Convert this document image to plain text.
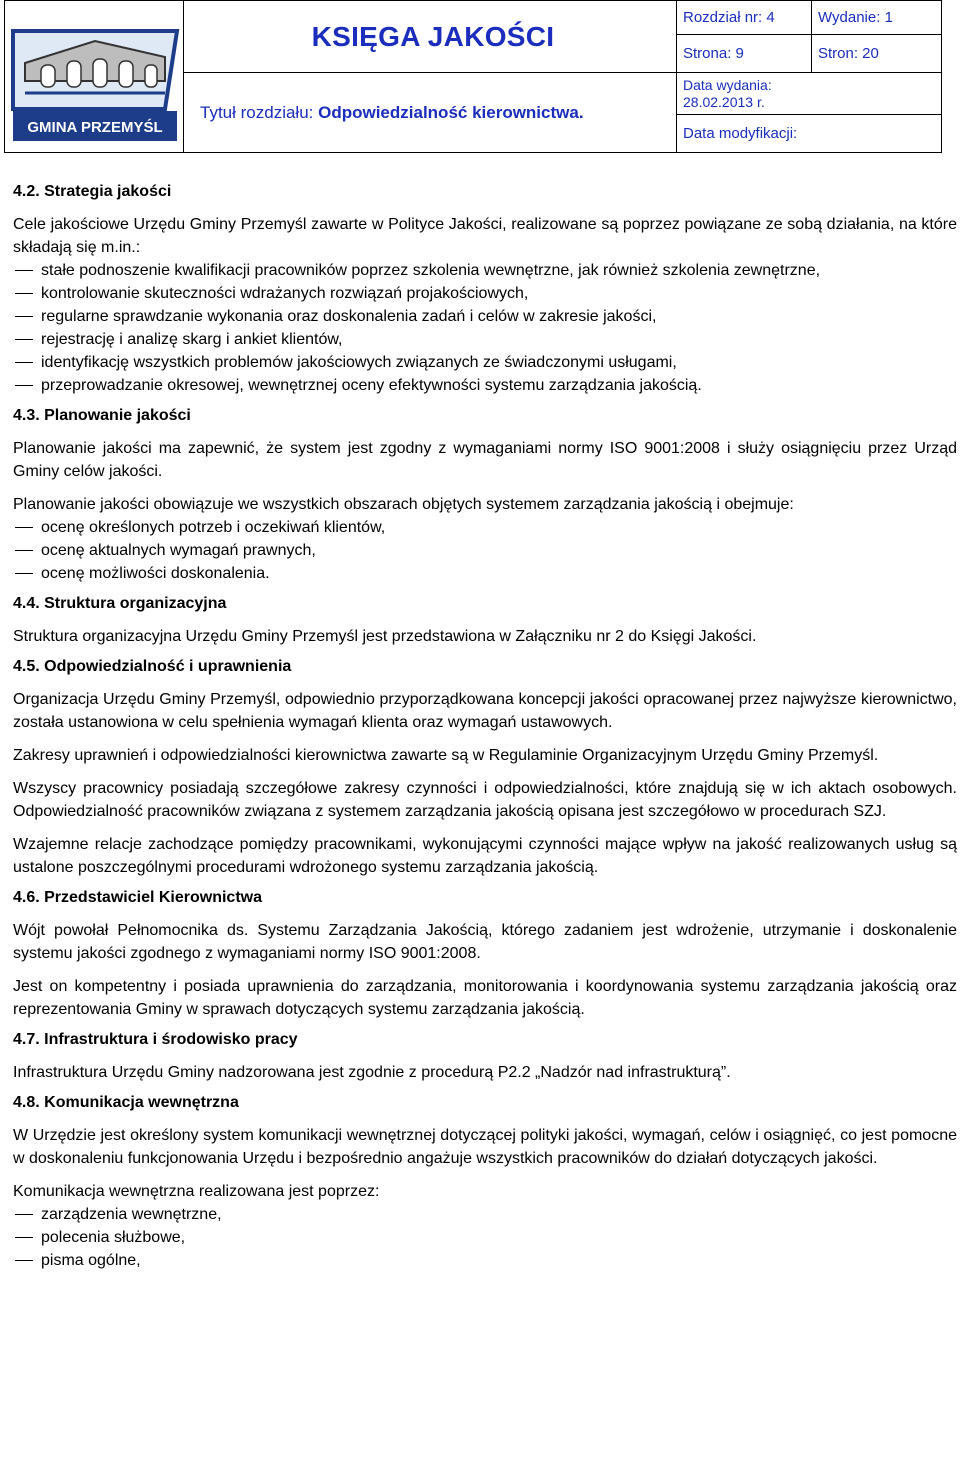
GMINA PRZEMYŚL	KSIĘGA JAKOŚCI	Rozdział nr: 4	Wydanie: 1
		Strona: 9	Stron: 20
	Tytuł rozdziału: Odpowiedzialność kierownictwa.	Data wydania:
28.02.2013 r.	

		Data modyfikacji:	
4.2. Strategia jakości

Cele jakościowe Urzędu Gminy Przemyśl zawarte w Polityce Jakości, realizowane są poprzez powiązane ze sobą działania, na które składają się m.in.:

stałe podnoszenie kwalifikacji pracowników poprzez szkolenia wewnętrzne, jak również szkolenia zewnętrzne,
kontrolowanie skuteczności wdrażanych rozwiązań projakościowych,
regularne sprawdzanie wykonania oraz doskonalenia zadań i celów w zakresie jakości,
rejestrację i analizę skarg i ankiet klientów,
identyfikację wszystkich problemów jakościowych związanych ze świadczonymi usługami,
przeprowadzanie okresowej, wewnętrznej oceny efektywności systemu zarządzania jakością.
4.3. Planowanie jakości

Planowanie jakości ma zapewnić, że system jest zgodny z wymaganiami normy ISO 9001:2008 i służy osiągnięciu przez Urząd Gminy celów jakości.

Planowanie jakości obowiązuje we wszystkich obszarach objętych systemem zarządzania jakością i obejmuje:

ocenę określonych potrzeb i oczekiwań klientów,
ocenę aktualnych wymagań prawnych,
ocenę możliwości doskonalenia.
4.4. Struktura organizacyjna

Struktura organizacyjna Urzędu Gminy Przemyśl jest przedstawiona w Załączniku nr 2 do Księgi Jakości.

4.5. Odpowiedzialność i uprawnienia

Organizacja Urzędu Gminy Przemyśl, odpowiednio przyporządkowana koncepcji jakości opracowanej przez najwyższe kierownictwo, została ustanowiona w celu spełnienia wymagań klienta oraz wymagań ustawowych.

Zakresy uprawnień i odpowiedzialności kierownictwa zawarte są w Regulaminie Organizacyjnym Urzędu Gminy Przemyśl.

Wszyscy pracownicy posiadają szczegółowe zakresy czynności i odpowiedzialności, które znajdują się w ich aktach osobowych. Odpowiedzialność pracowników związana z systemem zarządzania jakością opisana jest szczegółowo w procedurach SZJ.

Wzajemne relacje zachodzące pomiędzy pracownikami, wykonującymi czynności mające wpływ na jakość realizowanych usług są ustalone poszczególnymi procedurami wdrożonego systemu zarządzania jakością.

4.6. Przedstawiciel Kierownictwa

Wójt powołał Pełnomocnika ds. Systemu Zarządzania Jakością, którego zadaniem jest wdrożenie, utrzymanie i doskonalenie systemu jakości zgodnego z wymaganiami normy ISO 9001:2008.

Jest on kompetentny i posiada uprawnienia do zarządzania, monitorowania i koordynowania systemu zarządzania jakością oraz reprezentowania Gminy w sprawach dotyczących systemu zarządzania jakością.

4.7. Infrastruktura i środowisko pracy

Infrastruktura Urzędu Gminy nadzorowana jest zgodnie z procedurą P2.2 „Nadzór nad infrastrukturą”.

4.8. Komunikacja wewnętrzna

W Urzędzie jest określony system komunikacji wewnętrznej dotyczącej polityki jakości, wymagań, celów i osiągnięć, co jest pomocne w doskonaleniu funkcjonowania Urzędu i bezpośrednio angażuje wszystkich pracowników do działań dotyczących jakości.

Komunikacja wewnętrzna realizowana jest poprzez:

zarządzenia wewnętrzne,
polecenia służbowe,
pisma ogólne,
